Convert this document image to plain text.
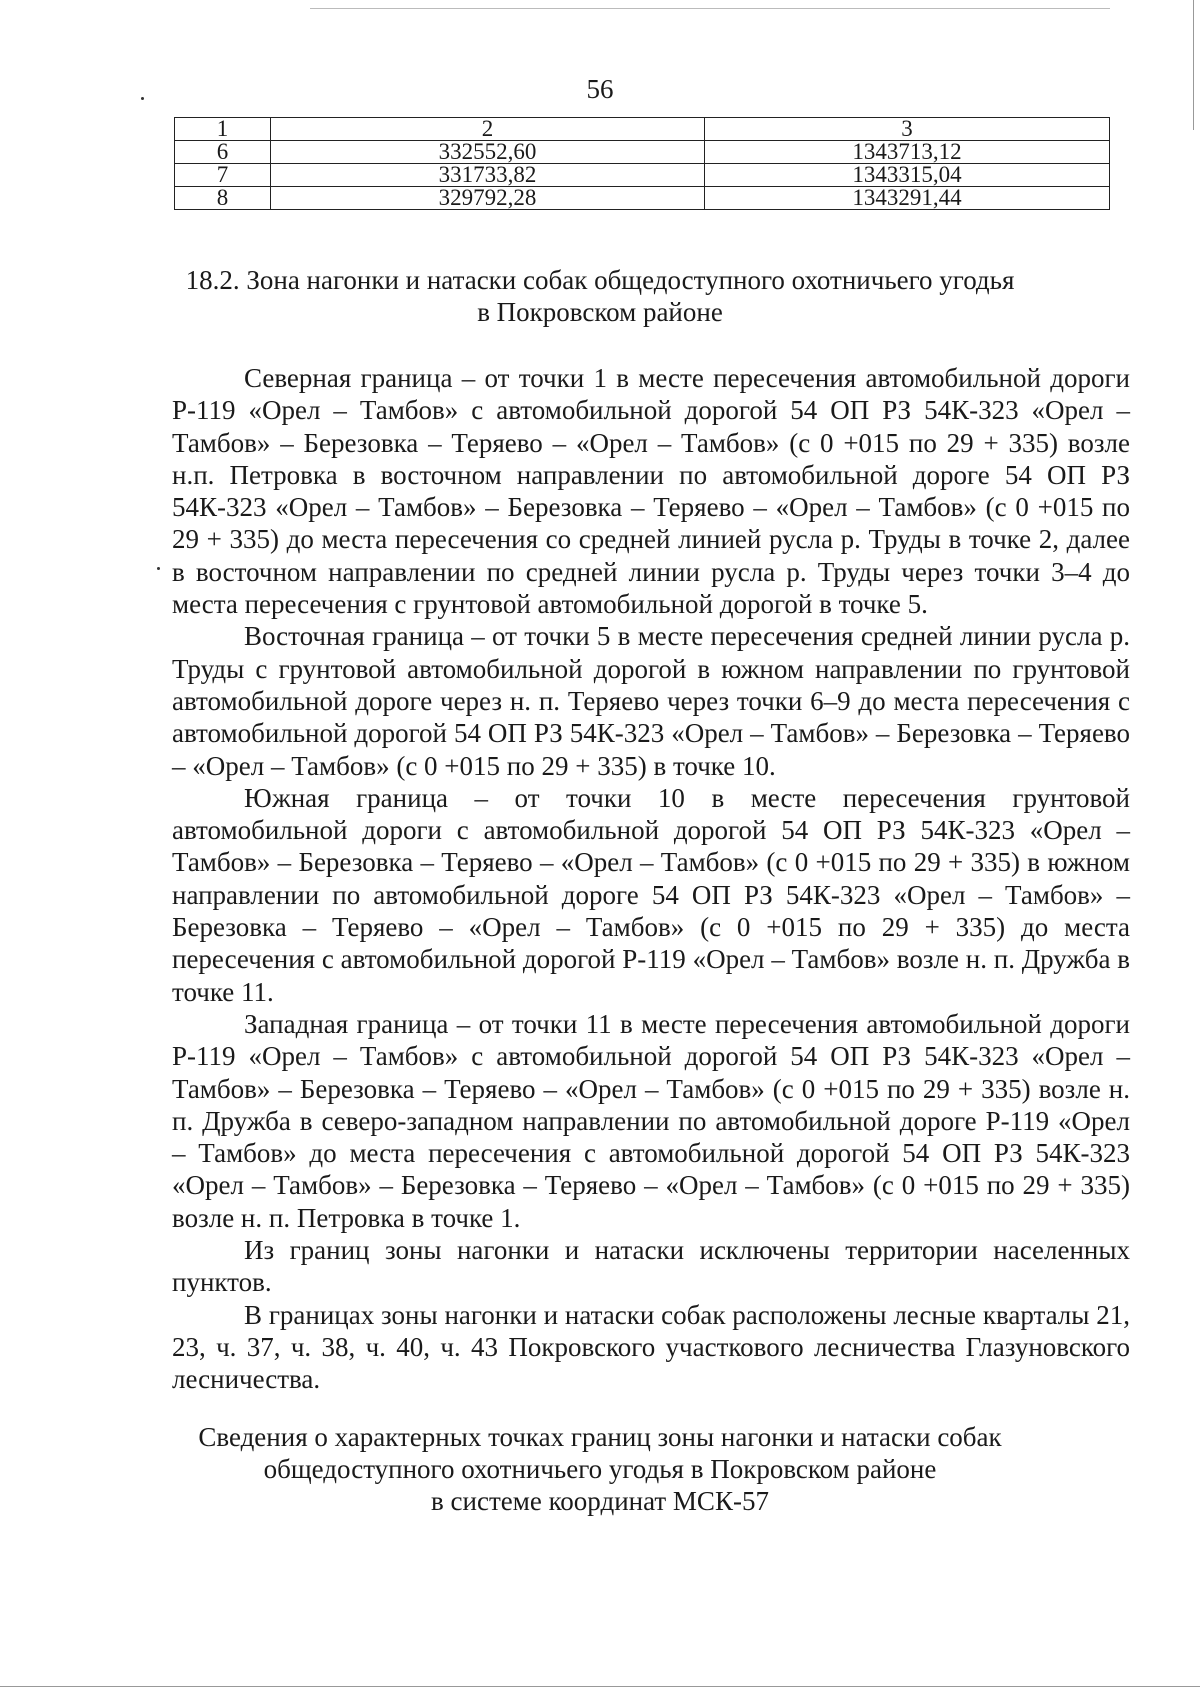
56
1	2	3
6	332552,60	1343713,12
7	331733,82	1343315,04
8	329792,28	1343291,44
18.2. Зона нагонки и натаски собак общедоступного охотничьего угодья
в Покровском районе

Северная граница – от точки 1 в месте пересечения автомобильной дороги Р-119 «Орел – Тамбов» с автомобильной дорогой 54 ОП РЗ 54К-323 «Орел – Тамбов» – Березовка – Теряево – «Орел – Тамбов» (с 0 +015 по 29 + 335) возле н.п. Петровка в восточном направлении по автомобильной дороге 54 ОП РЗ 54К-323 «Орел – Тамбов» – Березовка – Теряево – «Орел – Тамбов» (с 0 +015 по 29 + 335) до места пересечения со средней линией русла р. Труды в точке 2, далее в восточном направлении по средней линии русла р. Труды через точки 3–4 до места пересечения с грунтовой автомобильной дорогой в точке 5.

Восточная граница – от точки 5 в месте пересечения средней линии русла р. Труды с грунтовой автомобильной дорогой в южном направлении по грунтовой автомобильной дороге через н. п. Теряево через точки 6–9 до места пересечения с автомобильной дорогой 54 ОП РЗ 54К-323 «Орел – Тамбов» – Березовка – Теряево – «Орел – Тамбов» (с 0 +015 по 29 + 335) в точке 10.

Южная граница – от точки 10 в месте пересечения грунтовой автомобильной дороги с автомобильной дорогой 54 ОП РЗ 54К-323 «Орел – Тамбов» – Березовка – Теряево – «Орел – Тамбов» (с 0 +015 по 29 + 335) в южном направлении по автомобильной дороге 54 ОП РЗ 54К-323 «Орел – Тамбов» – Березовка – Теряево – «Орел – Тамбов» (с 0 +015 по 29 + 335) до места пересечения с автомобильной дорогой Р-119 «Орел – Тамбов» возле н. п. Дружба в точке 11.

Западная граница – от точки 11 в месте пересечения автомобильной дороги Р-119 «Орел – Тамбов» с автомобильной дорогой 54 ОП РЗ 54К-323 «Орел – Тамбов» – Березовка – Теряево – «Орел – Тамбов» (с 0 +015 по 29 + 335) возле н. п. Дружба в северо-западном направлении по автомобильной дороге Р-119 «Орел – Тамбов» до места пересечения с автомобильной дорогой 54 ОП РЗ 54К-323 «Орел – Тамбов» – Березовка – Теряево – «Орел – Тамбов» (с 0 +015 по 29 + 335) возле н. п. Петровка в точке 1.

Из границ зоны нагонки и натаски исключены территории населенных пунктов.

В границах зоны нагонки и натаски собак расположены лесные кварталы 21, 23, ч. 37, ч. 38, ч. 40, ч. 43 Покровского участкового лесничества Глазуновского лесничества.

Сведения о характерных точках границ зоны нагонки и натаски собак
общедоступного охотничьего угодья в Покровском районе
в системе координат МСК-57
